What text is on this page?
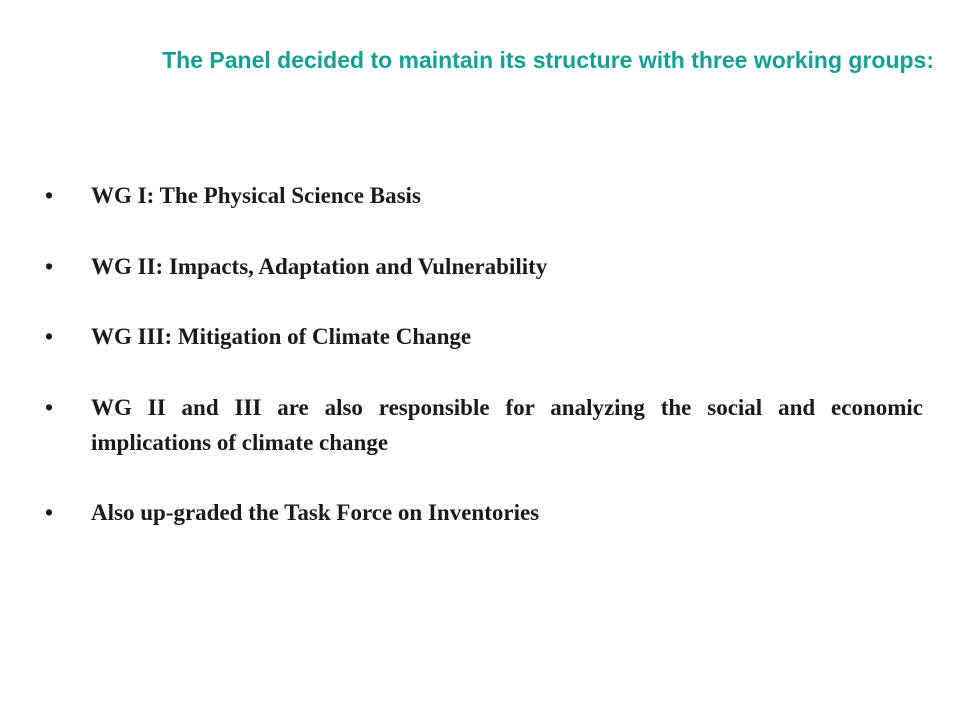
The Panel decided to maintain its structure with three working groups:
•	WG I: The Physical Science Basis
•	WG II: Impacts, Adaptation and Vulnerability
•	WG III: Mitigation of Climate Change
•	WG II and III are also responsible for analyzing the social and economic implications of climate change
•	Also up-graded the Task Force on Inventories
